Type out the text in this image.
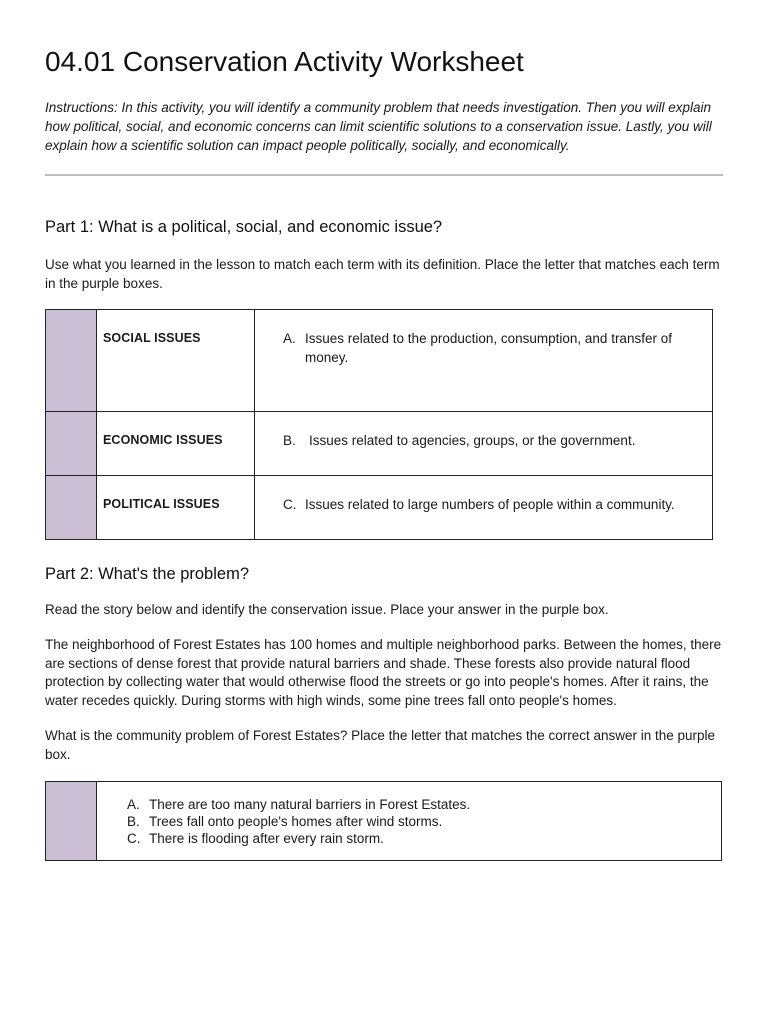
04.01 Conservation Activity Worksheet

Instructions: In this activity, you will identify a community problem that needs investigation. Then you will explain how political, social, and economic concerns can limit scientific solutions to a conservation issue. Lastly, you will explain how a scientific solution can impact people politically, socially, and economically.

Part 1: What is a political, social, and economic issue?

Use what you learned in the lesson to match each term with its definition. Place the letter that matches each term in the purple boxes.

	SOCIAL ISSUES	A. Issues related to the production, consumption, and transfer of money.

	ECONOMIC ISSUES	B. Issues related to agencies, groups, or the government.

	POLITICAL ISSUES	C. Issues related to large numbers of people within a community.
Part 2: What's the problem?

Read the story below and identify the conservation issue. Place your answer in the purple box.

The neighborhood of Forest Estates has 100 homes and multiple neighborhood parks. Between the homes, there are sections of dense forest that provide natural barriers and shade. These forests also provide natural flood protection by collecting water that would otherwise flood the streets or go into people's homes. After it rains, the water recedes quickly. During storms with high winds, some pine trees fall onto people's homes.

What is the community problem of Forest Estates? Place the letter that matches the correct answer in the purple box.

A. There are too many natural barriers in Forest Estates.
B. Trees fall onto people's homes after wind storms.
C. There is flooding after every rain storm.
